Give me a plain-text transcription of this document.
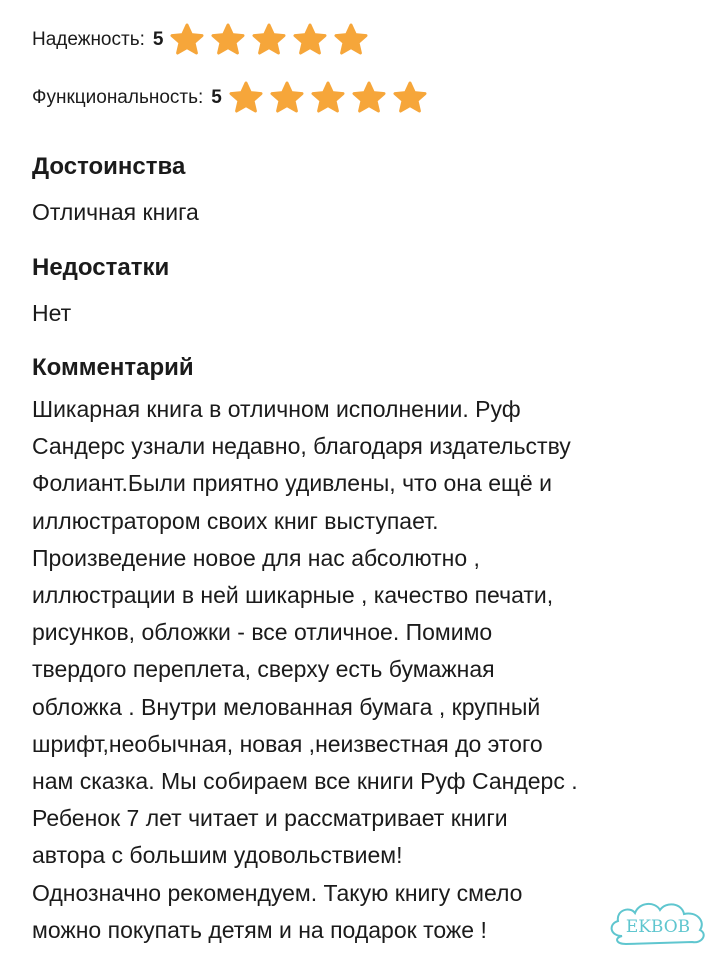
Надежность: 5
Функциональность: 5
Достоинства
Отличная книга
Недостатки
Нет
Комментарий
Шикарная книга в отличном исполнении. Руф
Сандерс узнали недавно, благодаря издательству
Фолиант.Были приятно удивлены, что она ещё и
иллюстратором своих книг выступает.
Произведение новое для нас абсолютно ,
иллюстрации в ней шикарные , качество печати,
рисунков, обложки - все отличное. Помимо
твердого переплета, сверху есть бумажная
обложка . Внутри мелованная бумага , крупный
шрифт,необычная, новая ,неизвестная до этого
нам сказка. Мы собираем все книги Руф Сандерс .
Ребенок 7 лет читает и рассматривает книги
автора с большим удовольствием!
Однозначно рекомендуем. Такую книгу смело
можно покупать детям и на подарок тоже !	EKBOB
